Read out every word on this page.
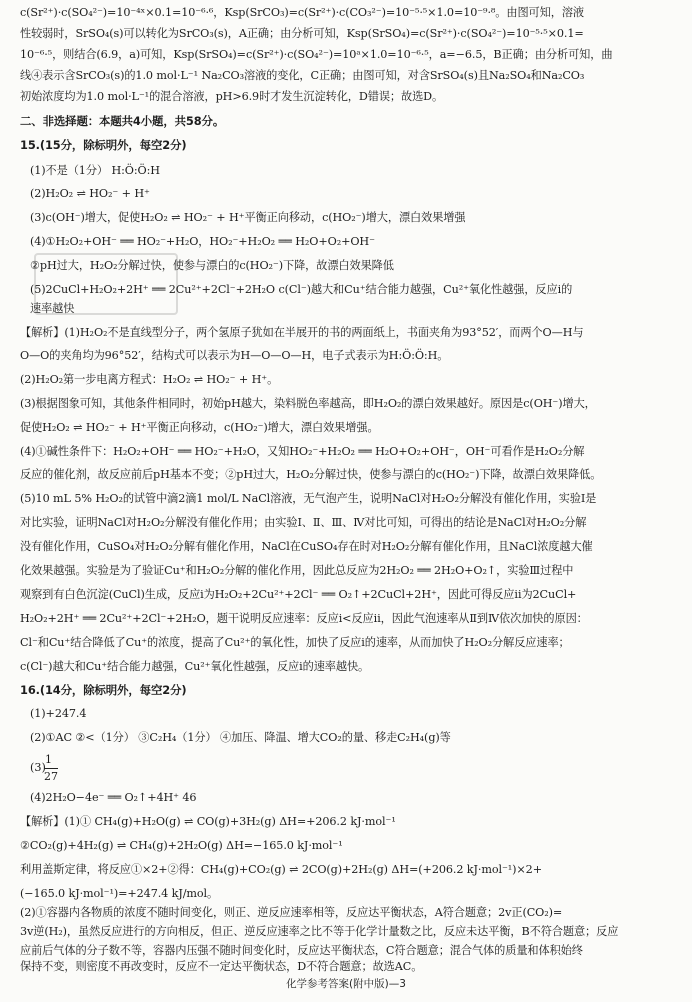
c(Sr²⁺)·c(SO₄²⁻)=10⁻⁴ˣ×0.1=10⁻⁶·⁶，Ksp(SrCO₃)=c(Sr²⁺)·c(CO₃²⁻)=10⁻⁵·⁵×1.0=10⁻⁹·⁸。由图可知，溶液
性较弱时，SrSO₄(s)可以转化为SrCO₃(s)，A正确；由分析可知，Ksp(SrSO₄)=c(Sr²⁺)·c(SO₄²⁻)=10⁻⁵·⁵×0.1=
10⁻⁶·⁵，则结合(6.9，a)可知，Ksp(SrSO₄)=c(Sr²⁺)·c(SO₄²⁻)=10ᵃ×1.0=10⁻⁶·⁵，a=−6.5，B正确；由分析可知，曲
线④表示含SrCO₃(s)的1.0 mol·L⁻¹ Na₂CO₃溶液的变化，C正确；由图可知，对含SrSO₄(s)且Na₂SO₄和Na₂CO₃
初始浓度均为1.0 mol·L⁻¹的混合溶液，pH>6.9时才发生沉淀转化，D错误；故选D。
二、非选择题：本题共4小题，共58分。
15.(15分，除标明外，每空2分)
(1)不是（1分） H:Ö:Ö:H
(2)H₂O₂ ⇌ HO₂⁻ + H⁺
(3)c(OH⁻)增大，促使H₂O₂ ⇌ HO₂⁻ + H⁺平衡正向移动，c(HO₂⁻)增大，漂白效果增强
(4)①H₂O₂+OH⁻ ══ HO₂⁻+H₂O，HO₂⁻+H₂O₂ ══ H₂O+O₂+OH⁻
②pH过大，H₂O₂分解过快，使参与漂白的c(HO₂⁻)下降，故漂白效果降低
(5)2CuCl+H₂O₂+2H⁺ ══ 2Cu²⁺+2Cl⁻+2H₂O c(Cl⁻)越大和Cu⁺结合能力越强，Cu²⁺氧化性越强，反应ⅰ的
速率越快
【解析】(1)H₂O₂不是直线型分子，两个氢原子犹如在半展开的书的两面纸上，书面夹角为93°52′，而两个O—H与
O—O的夹角均为96°52′，结构式可以表示为H—O—O—H，电子式表示为H:Ö:Ö:H。
(2)H₂O₂第一步电离方程式：H₂O₂ ⇌ HO₂⁻ + H⁺。
(3)根据图象可知，其他条件相同时，初始pH越大，染料脱色率越高，即H₂O₂的漂白效果越好。原因是c(OH⁻)增大，
促使H₂O₂ ⇌ HO₂⁻ + H⁺平衡正向移动，c(HO₂⁻)增大，漂白效果增强。
(4)①碱性条件下：H₂O₂+OH⁻ ══ HO₂⁻+H₂O，又知HO₂⁻+H₂O₂ ══ H₂O+O₂+OH⁻，OH⁻可看作是H₂O₂分解
反应的催化剂，故反应前后pH基本不变；②pH过大，H₂O₂分解过快，使参与漂白的c(HO₂⁻)下降，故漂白效果降低。
(5)10 mL 5% H₂O₂的试管中滴2滴1 mol/L NaCl溶液，无气泡产生，说明NaCl对H₂O₂分解没有催化作用，实验Ⅰ是
对比实验，证明NaCl对H₂O₂分解没有催化作用；由实验Ⅰ、Ⅱ、Ⅲ、Ⅳ对比可知，可得出的结论是NaCl对H₂O₂分解
没有催化作用，CuSO₄对H₂O₂分解有催化作用，NaCl在CuSO₄存在时对H₂O₂分解有催化作用，且NaCl浓度越大催
化效果越强。实验是为了验证Cu⁺和H₂O₂分解的催化作用，因此总反应为2H₂O₂ ══ 2H₂O+O₂↑，实验Ⅲ过程中
观察到有白色沉淀(CuCl)生成，反应ⅰ为H₂O₂+2Cu²⁺+2Cl⁻ ══ O₂↑+2CuCl+2H⁺，因此可得反应ⅱ为2CuCl+
H₂O₂+2H⁺ ══ 2Cu²⁺+2Cl⁻+2H₂O，题干说明反应速率：反应ⅰ<反应ⅱ，因此气泡速率从Ⅱ到Ⅳ依次加快的原因：
Cl⁻和Cu⁺结合降低了Cu⁺的浓度，提高了Cu²⁺的氧化性，加快了反应ⅰ的速率，从而加快了H₂O₂分解反应速率；
c(Cl⁻)越大和Cu⁺结合能力越强，Cu²⁺氧化性越强，反应ⅰ的速率越快。
16.(14分，除标明外，每空2分)
(1)+247.4
(2)①AC ②<（1分） ③C₂H₄（1分） ④加压、降温、增大CO₂的量、移走C₂H₄(g)等
(3)
1
27
(4)2H₂O−4e⁻ ══ O₂↑+4H⁺ 46
【解析】(1)① CH₄(g)+H₂O(g) ⇌ CO(g)+3H₂(g) ΔH=+206.2 kJ·mol⁻¹
②CO₂(g)+4H₂(g) ⇌ CH₄(g)+2H₂O(g) ΔH=−165.0 kJ·mol⁻¹
利用盖斯定律，将反应①×2+②得：CH₄(g)+CO₂(g) ⇌ 2CO(g)+2H₂(g) ΔH=(+206.2 kJ·mol⁻¹)×2+
(−165.0 kJ·mol⁻¹)=+247.4 kJ/mol。
(2)①容器内各物质的浓度不随时间变化，则正、逆反应速率相等，反应达平衡状态，A符合题意；2v正(CO₂)=
3v逆(H₂)，虽然反应进行的方向相反，但正、逆反应速率之比不等于化学计量数之比，反应未达平衡，B不符合题意；反应
应前后气体的分子数不等，容器内压强不随时间变化时，反应达平衡状态，C符合题意；混合气体的质量和体积始终
保持不变，则密度不再改变时，反应不一定达平衡状态，D不符合题意；故选AC。
化学参考答案(附中版)—3
